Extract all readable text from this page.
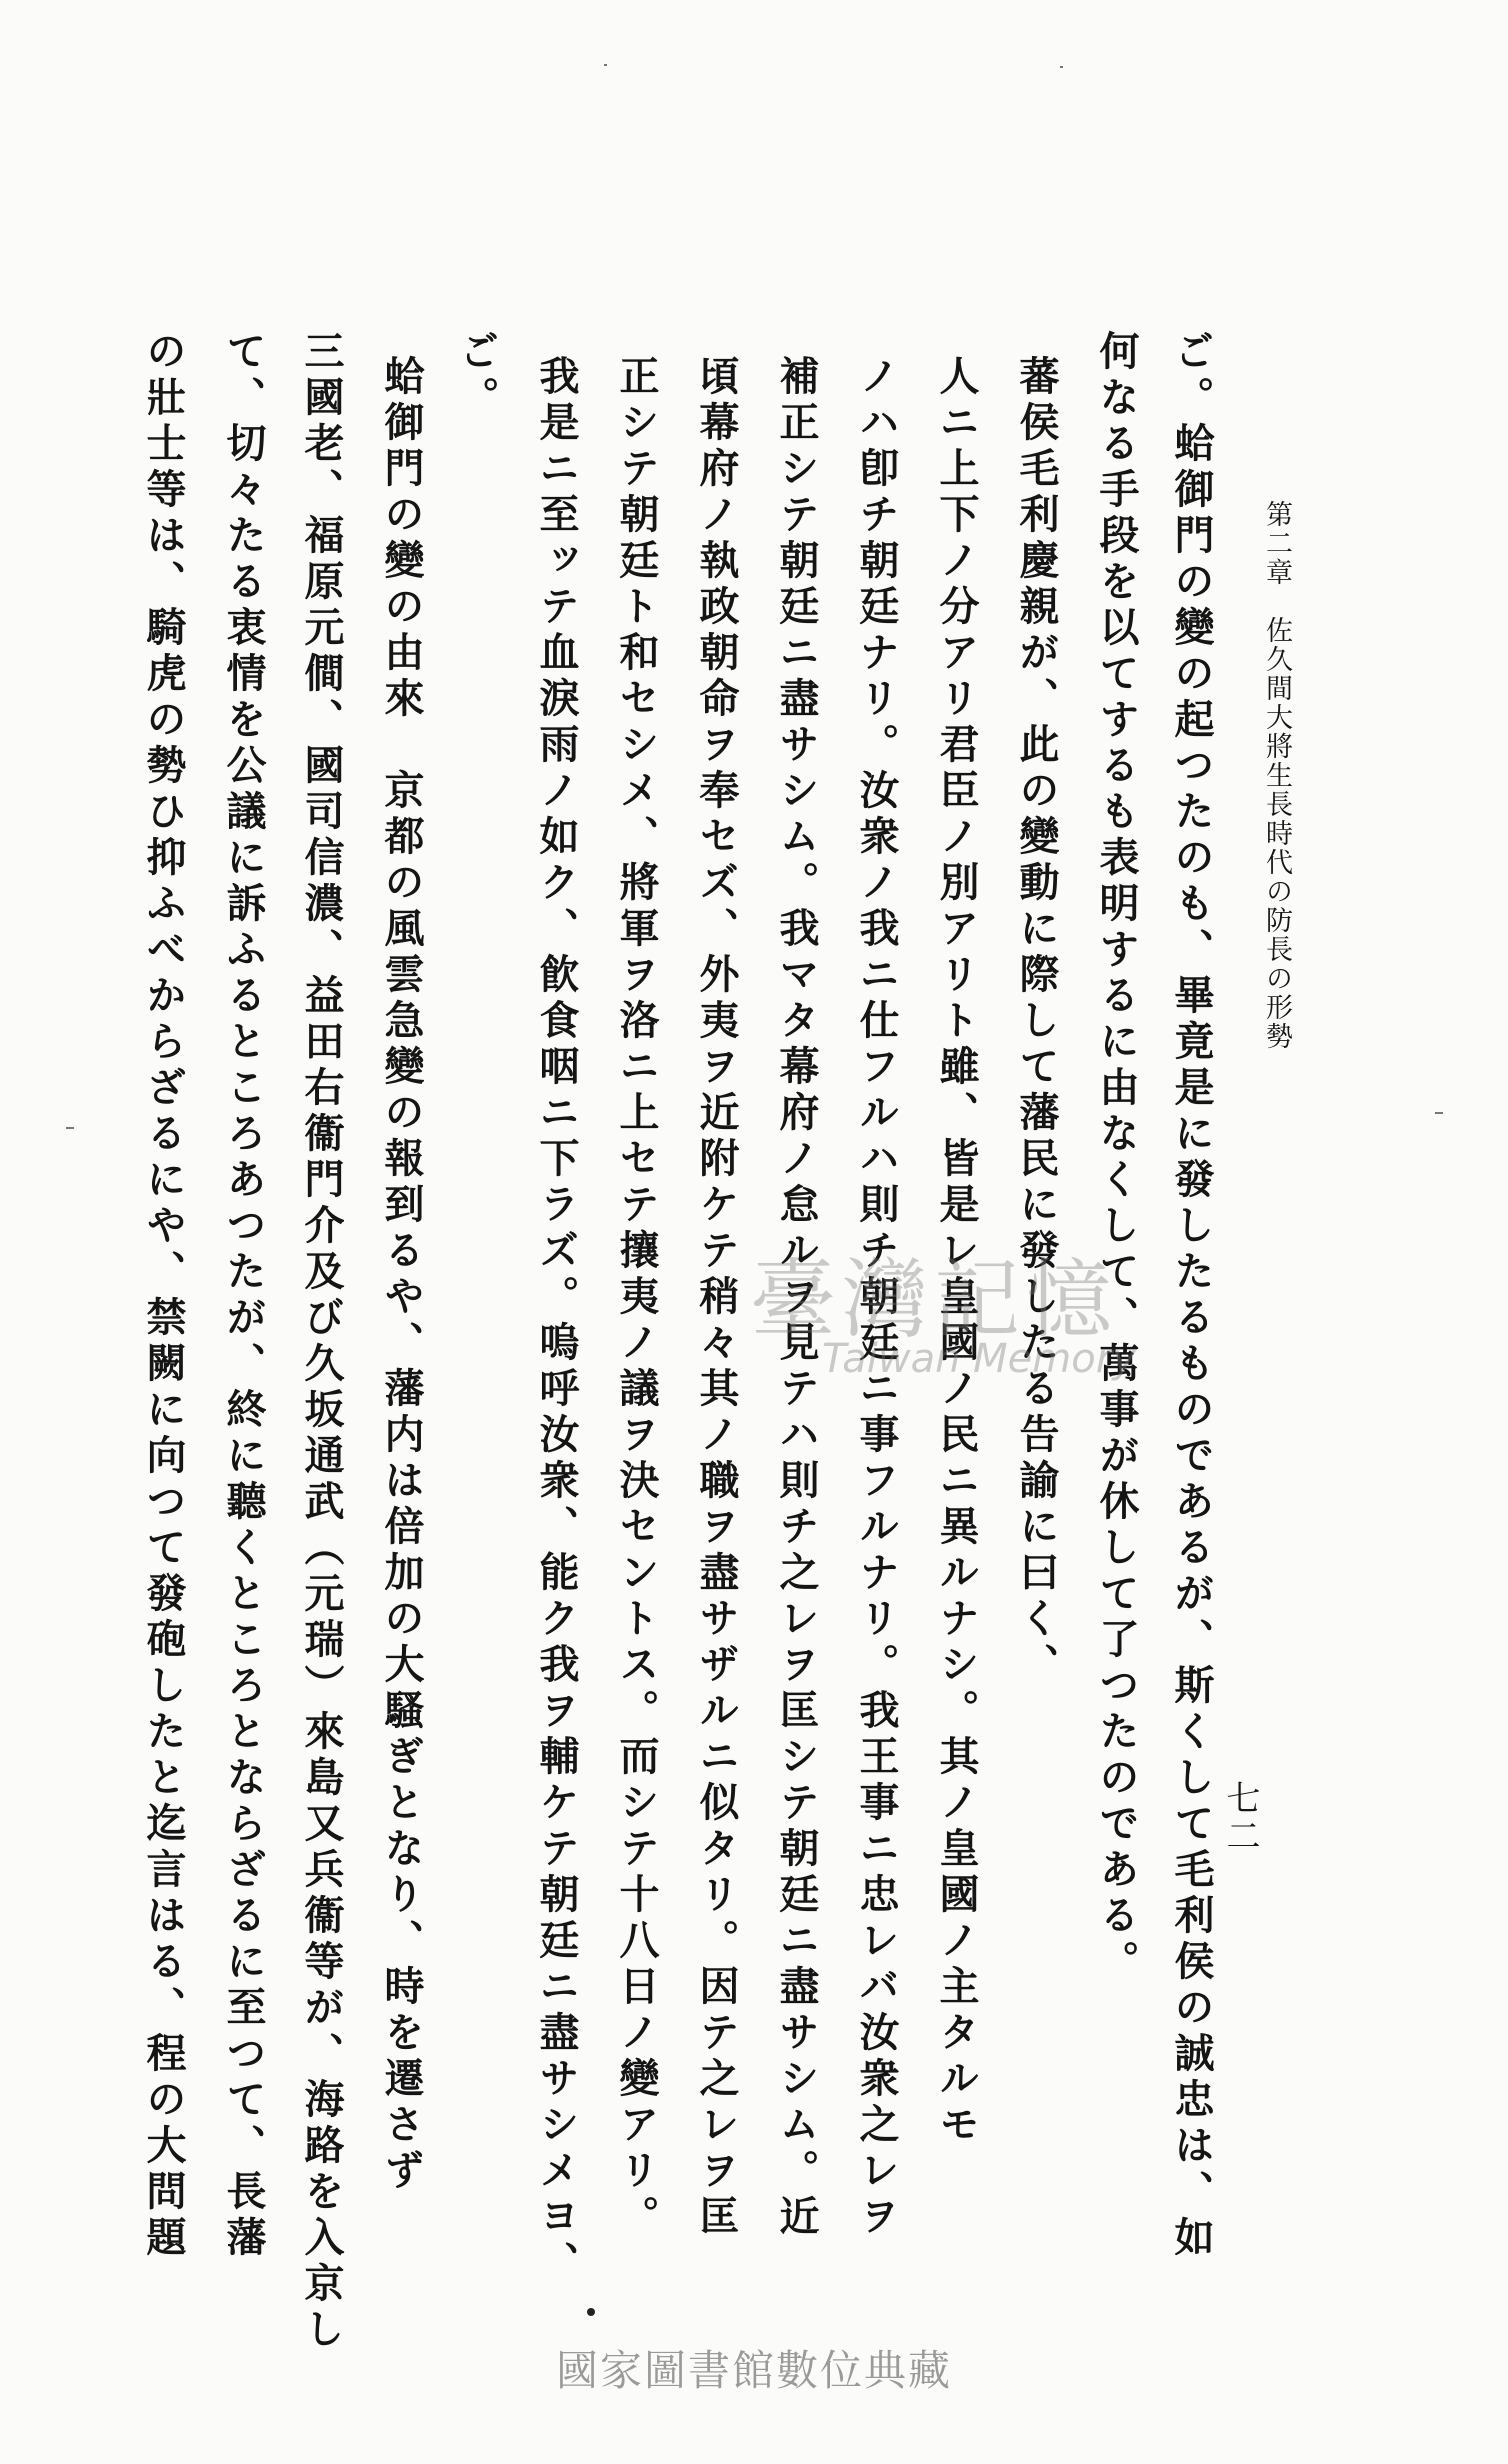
第二章　佐久間大將生長時代の防長の形勢
七二
ご。蛤御門の變の起つたのも、畢竟是に發したるものであるが、斯くして毛利侯の誠忠は、如
何なる手段を以てするも表明するに由なくして、萬事が休して了つたのである。
蕃侯毛利慶親が、此の變動に際して藩民に發したる告諭に曰く、
人ニ上下ノ分アリ君臣ノ別アリト雖、皆是レ皇國ノ民ニ異ルナシ。其ノ皇國ノ主タルモ
ノハ卽チ朝廷ナリ。汝衆ノ我ニ仕フルハ則チ朝廷ニ事フルナリ。我王事ニ忠レバ汝衆之レヲ
補正シテ朝廷ニ盡サシム。我マタ幕府ノ怠ルヲ見テハ則チ之レヲ匡シテ朝廷ニ盡サシム。近
頃幕府ノ執政朝命ヲ奉セズ、外夷ヲ近附ケテ稍々其ノ職ヲ盡サザルニ似タリ。因テ之レヲ匡
正シテ朝廷ト和セシメ、將軍ヲ洛ニ上セテ攘夷ノ議ヲ決セントス。而シテ十八日ノ變アリ。
我是ニ至ッテ血淚雨ノ如ク、飮食咽ニ下ラズ。嗚呼汝衆、能ク我ヲ輔ケテ朝廷ニ盡サシメヨ、
ご。
蛤御門の變の由來　京都の風雲急變の報到るや、藩内は倍加の大騷ぎとなり、時を遷さず
三國老、福原元僴、國司信濃、益田右衞門介及び久坂通武（元瑞）來島又兵衞等が、海路を入京し
て、切々たる衷情を公議に訴ふるところあつたが、終に聽くところとならざるに至つて、長藩
の壯士等は、騎虎の勢ひ抑ふべからざるにや、禁闕に向つて發砲したと迄言はる、程の大問題	臺灣記憶
Taiwan Memory
國家圖書館數位典藏
